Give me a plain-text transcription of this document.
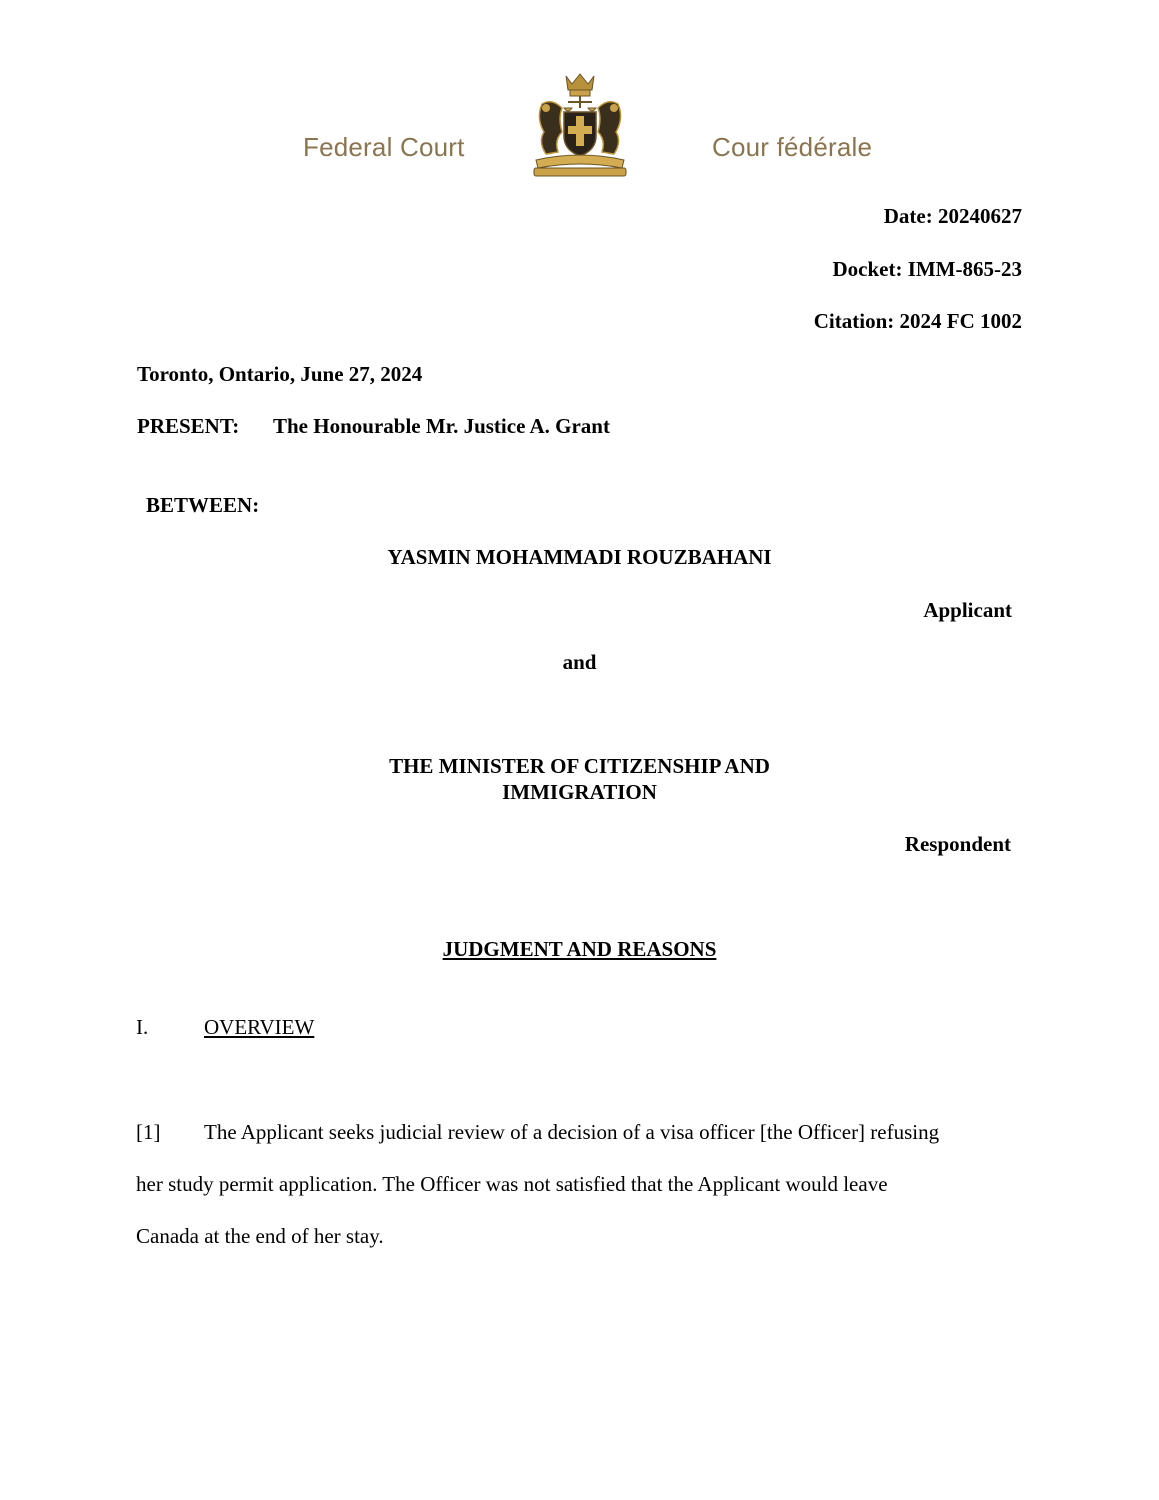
Federal Court	Cour fédérale
Date: 20240627
Docket: IMM-865-23
Citation: 2024 FC 1002
Toronto, Ontario, June 27, 2024
PRESENT: The Honourable Mr. Justice A. Grant
BETWEEN:
YASMIN MOHAMMADI ROUZBAHANI
Applicant
and
THE MINISTER OF CITIZENSHIP AND
IMMIGRATION
Respondent
JUDGMENT AND REASONS
I.	OVERVIEW
[1] The Applicant seeks judicial review of a decision of a visa officer [the Officer] refusing
her study permit application. The Officer was not satisfied that the Applicant would leave
Canada at the end of her stay.
